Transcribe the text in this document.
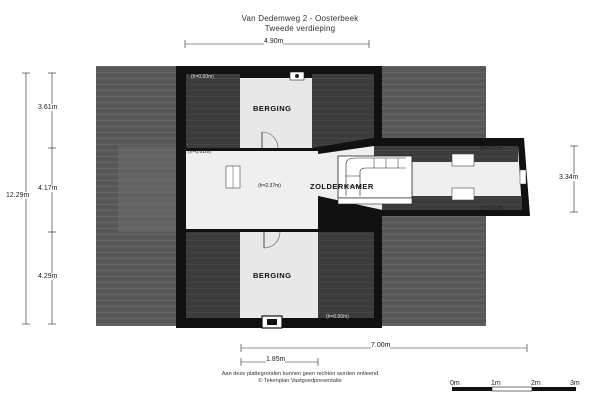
Van Dedemweg 2 - Oosterbeek
Tweede verdieping
4.90m
12.29m
3.61m
4.17m
4.29m
3.34m
7.00m
1.85m
BERGING
ZOLDERKAMER
BERGING
(h=0.00m)
(h=0.61m)
(h=2.37m)
(h=0.61m)
(h=0.61m)
(h=0.00m)
Aan deze plattegronden kunnen geen rechten worden ontleend
© Tekenplan Vastgoedpresentatie	0m	1m	2m	3m
